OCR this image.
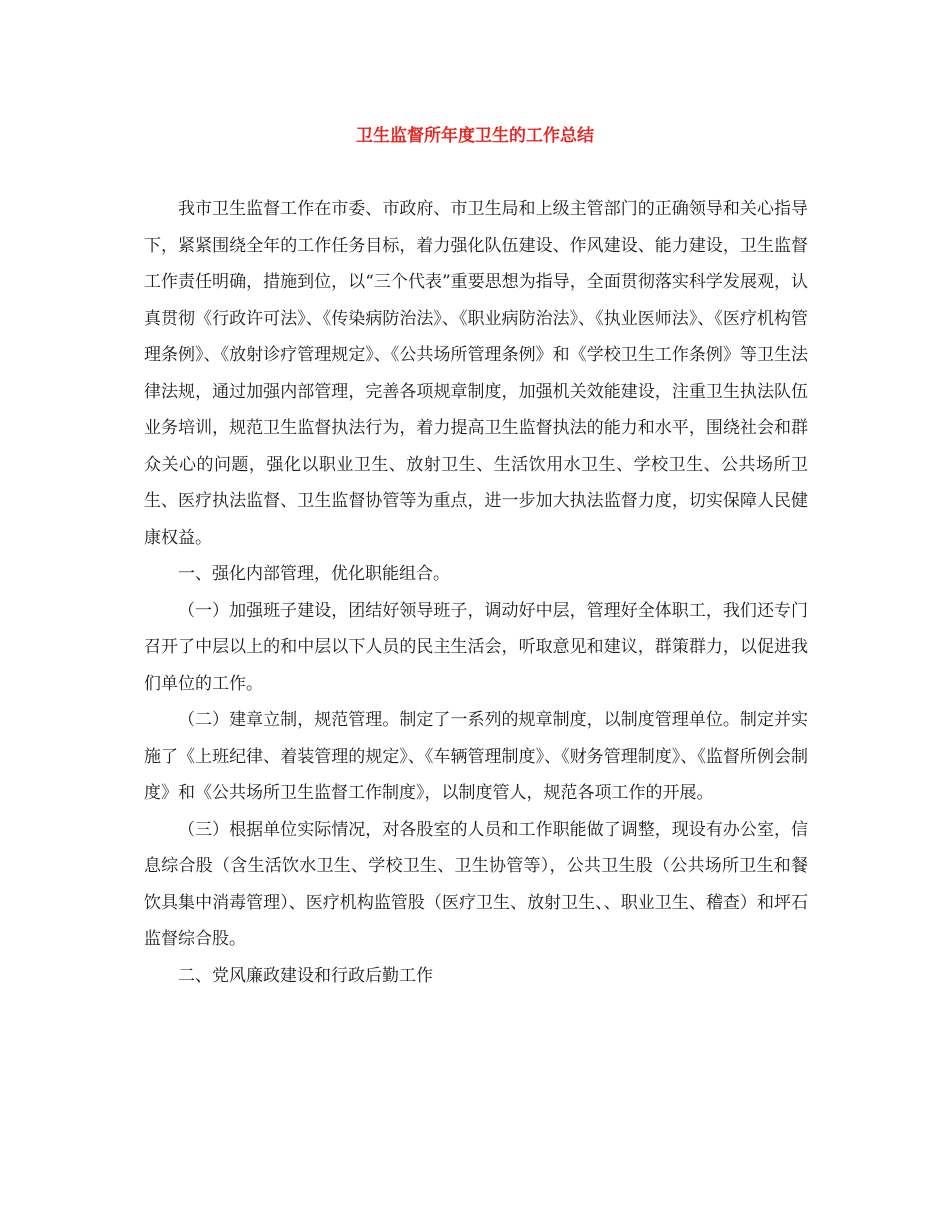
卫生监督所年度卫生的工作总结

我市卫生监督工作在市委、市政府、市卫生局和上级主管部门的正确领导和关心指导下，紧紧围绕全年的工作任务目标，着力强化队伍建设、作风建设、能力建设，卫生监督工作责任明确，措施到位，以“三个代表”重要思想为指导，全面贯彻落实科学发展观，认真贯彻《行政许可法》、《传染病防治法》、《职业病防治法》、《执业医师法》、《医疗机构管理条例》、《放射诊疗管理规定》、《公共场所管理条例》和《学校卫生工作条例》等卫生法律法规，通过加强内部管理，完善各项规章制度，加强机关效能建设，注重卫生执法队伍业务培训，规范卫生监督执法行为，着力提高卫生监督执法的能力和水平，围绕社会和群众关心的问题，强化以职业卫生、放射卫生、生活饮用水卫生、学校卫生、公共场所卫生、医疗执法监督、卫生监督协管等为重点，进一步加大执法监督力度，切实保障人民健康权益。

一、强化内部管理，优化职能组合。

（一）加强班子建设，团结好领导班子，调动好中层，管理好全体职工，我们还专门召开了中层以上的和中层以下人员的民主生活会，听取意见和建议，群策群力，以促进我们单位的工作。

（二）建章立制，规范管理。制定了一系列的规章制度，以制度管理单位。制定并实施了《上班纪律、着装管理的规定》、《车辆管理制度》、《财务管理制度》、《监督所例会制度》和《公共场所卫生监督工作制度》，以制度管人，规范各项工作的开展。

（三）根据单位实际情况，对各股室的人员和工作职能做了调整，现设有办公室，信息综合股（含生活饮水卫生、学校卫生、卫生协管等），公共卫生股（公共场所卫生和餐饮具集中消毒管理）、医疗机构监管股（医疗卫生、放射卫生、、职业卫生、稽查）和坪石监督综合股。

二、党风廉政建设和行政后勤工作
